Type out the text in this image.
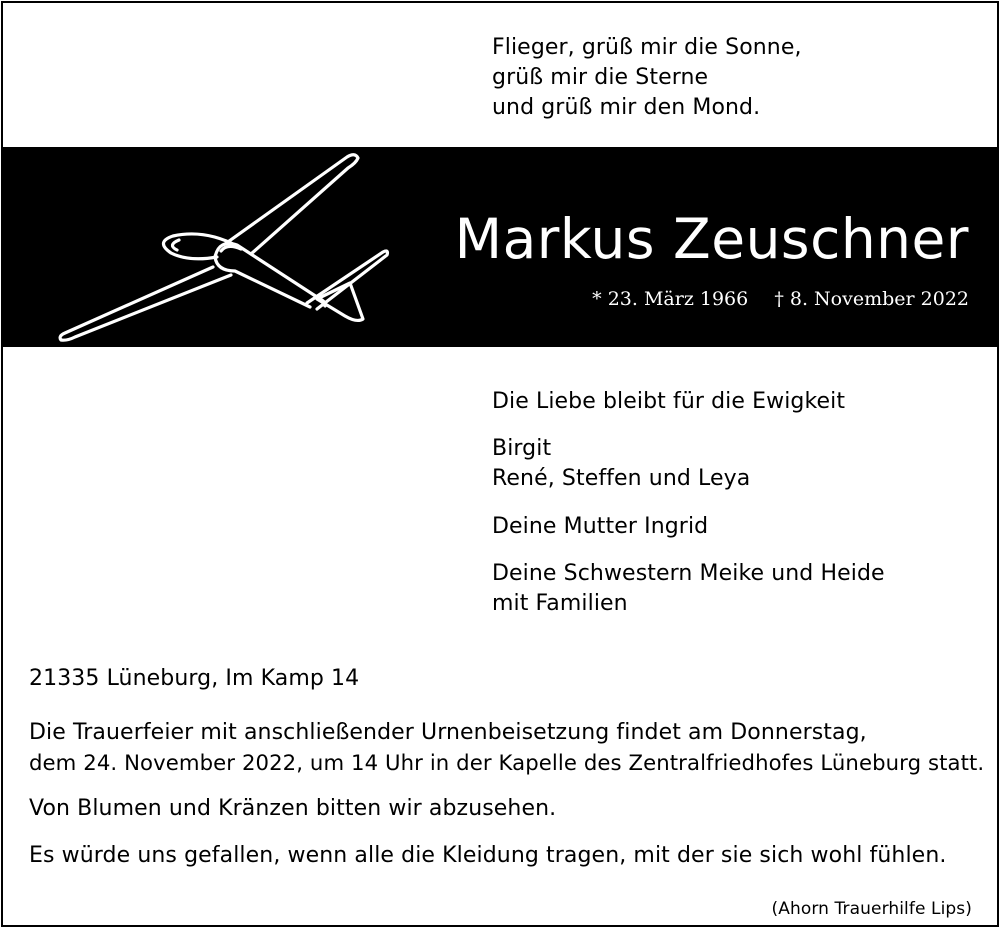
Flieger, grüß mir die Sonne,
grüß mir die Sterne
und grüß mir den Mond.
Markus Zeuschner
* 23. März 1966 † 8. November 2022
Die Liebe bleibt für die Ewigkeit
Birgit
René, Steffen und Leya
Deine Mutter Ingrid
Deine Schwestern Meike und Heide
mit Familien
21335 Lüneburg, Im Kamp 14
Die Trauerfeier mit anschließender Urnenbeisetzung findet am Donnerstag,
dem 24. November 2022, um 14 Uhr in der Kapelle des Zentralfriedhofes Lüneburg statt.
Von Blumen und Kränzen bitten wir abzusehen.
Es würde uns gefallen, wenn alle die Kleidung tragen, mit der sie sich wohl fühlen.
(Ahorn Trauerhilfe Lips)
